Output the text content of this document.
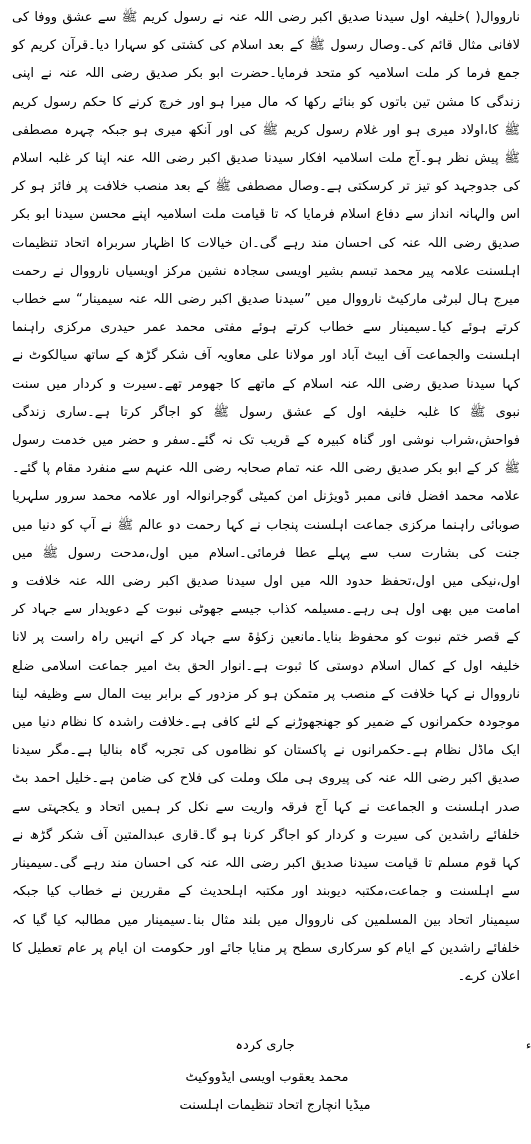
نارووال( )خلیفہ اول سیدنا صدیق اکبر رضی اللہ عنہ نے رسول کریم ﷺ سے عشق ووفا کی لافانی مثال قائم کی۔وصال رسول ﷺ کے بعد اسلام کی کشتی کو سہارا دیا۔قرآن کریم کو جمع فرما کر ملت اسلامیہ کو متحد فرمایا۔حضرت ابو بکر صدیق رضی اللہ عنہ نے اپنی زندگی کا مشن تین باتوں کو بنائے رکھا کہ مال میرا ہو اور خرچ کرنے کا حکم رسول کریم ﷺ کا،اولاد میری ہو اور غلام رسول کریم ﷺ کی اور آنکھ میری ہو جبکہ چہرہ مصطفی ﷺ پیش نظر ہو۔آج ملت اسلامیہ افکار سیدنا صدیق اکبر رضی اللہ عنہ اپنا کر غلبہ اسلام کی جدوجہد کو تیز تر کرسکتی ہے۔وصال مصطفی ﷺ کے بعد منصب خلافت پر فائز ہو کر اس والہانہ انداز سے دفاع اسلام فرمایا کہ تا قیامت ملت اسلامیہ اپنے محسن سیدنا ابو بکر صدیق رضی اللہ عنہ کی احسان مند رہے گی۔ان خیالات کا اظہار سربراہ اتحاد تنظیمات اہلسنت علامہ پیر محمد تبسم بشیر اویسی سجادہ نشین مرکز اویسیاں نارووال نے رحمت میرج ہال لبرٹی مارکیٹ نارووال میں ”سیدنا صدیق اکبر رضی اللہ عنہ سیمینار“ سے خطاب کرتے ہوئے کیا۔سیمینار سے خطاب کرتے ہوئے مفتی محمد عمر حیدری مرکزی راہنما اہلسنت والجماعت آف ایبٹ آباد اور مولانا علی معاویہ آف شکر گڑھ کے ساتھ سیالکوٹ نے کہا سیدنا صدیق رضی اللہ عنہ اسلام کے ماتھے کا جھومر تھے۔سیرت و کردار میں سنت نبوی ﷺ کا غلبہ خلیفہ اول کے عشق رسول ﷺ کو اجاگر کرتا ہے۔ساری زندگی فواحش،شراب نوشی اور گناہ کبیرہ کے قریب تک نہ گئے۔سفر و حضر میں خدمت رسول ﷺ کر کے ابو بکر صدیق رضی اللہ عنہ تمام صحابہ رضی اللہ عنہم سے منفرد مقام پا گئے۔علامہ محمد افضل فانی ممبر ڈویژنل امن کمیٹی گوجرانوالہ اور علامہ محمد سرور سلہریا صوبائی راہنما مرکزی جماعت اہلسنت پنجاب نے کہا رحمت دو عالم ﷺ نے آپ کو دنیا میں جنت کی بشارت سب سے پہلے عطا فرمائی۔اسلام میں اول،مدحت رسول ﷺ میں اول،نیکی میں اول،تحفظ حدود اللہ میں اول سیدنا صدیق اکبر رضی اللہ عنہ خلافت و امامت میں بھی اول ہی رہے۔مسیلمہ کذاب جیسے جھوٹی نبوت کے دعویدار سے جہاد کر کے قصر ختم نبوت کو محفوظ بنایا۔مانعین زکوٰۃ سے جہاد کر کے انہیں راہ راست پر لانا خلیفہ اول کے کمال اسلام دوستی کا ثبوت ہے۔انوار الحق بٹ امیر جماعت اسلامی ضلع نارووال نے کہا خلافت کے منصب پر متمکن ہو کر مزدور کے برابر بیت المال سے وظیفہ لینا موجودہ حکمرانوں کے ضمیر کو جھنجھوڑنے کے لئے کافی ہے۔خلافت راشدہ کا نظام دنیا میں ایک ماڈل نظام ہے۔حکمرانوں نے پاکستان کو نظاموں کی تجربہ گاہ بنالیا ہے۔مگر سیدنا صدیق اکبر رضی اللہ عنہ کی پیروی ہی ملک وملت کی فلاح کی ضامن ہے۔خلیل احمد بٹ صدر اہلسنت و الجماعت نے کہا آج فرقہ واریت سے نکل کر ہمیں اتحاد و یکجہتی سے خلفائے راشدین کی سیرت و کردار کو اجاگر کرنا ہو گا۔قاری عبدالمتین آف شکر گڑھ نے کہا قوم مسلم تا قیامت سیدنا صدیق اکبر رضی اللہ عنہ کی احسان مند رہے گی۔سیمینار سے اہلسنت و جماعت،مکتبہ دیوبند اور مکتبہ اہلحدیث کے مقررین نے خطاب کیا جبکہ سیمینار اتحاد بین المسلمین کی نارووال میں بلند مثال بنا۔سیمینار میں مطالبہ کیا گیا کہ خلفائے راشدین کے ایام کو سرکاری سطح پر منایا جائے اور حکومت ان ایام پر عام تعطیل کا اعلان کرے۔

ء
جاری کردہ
محمد یعقوب اویسی ایڈووکیٹ
میڈیا انچارج اتحاد تنظیمات اہلسنت
